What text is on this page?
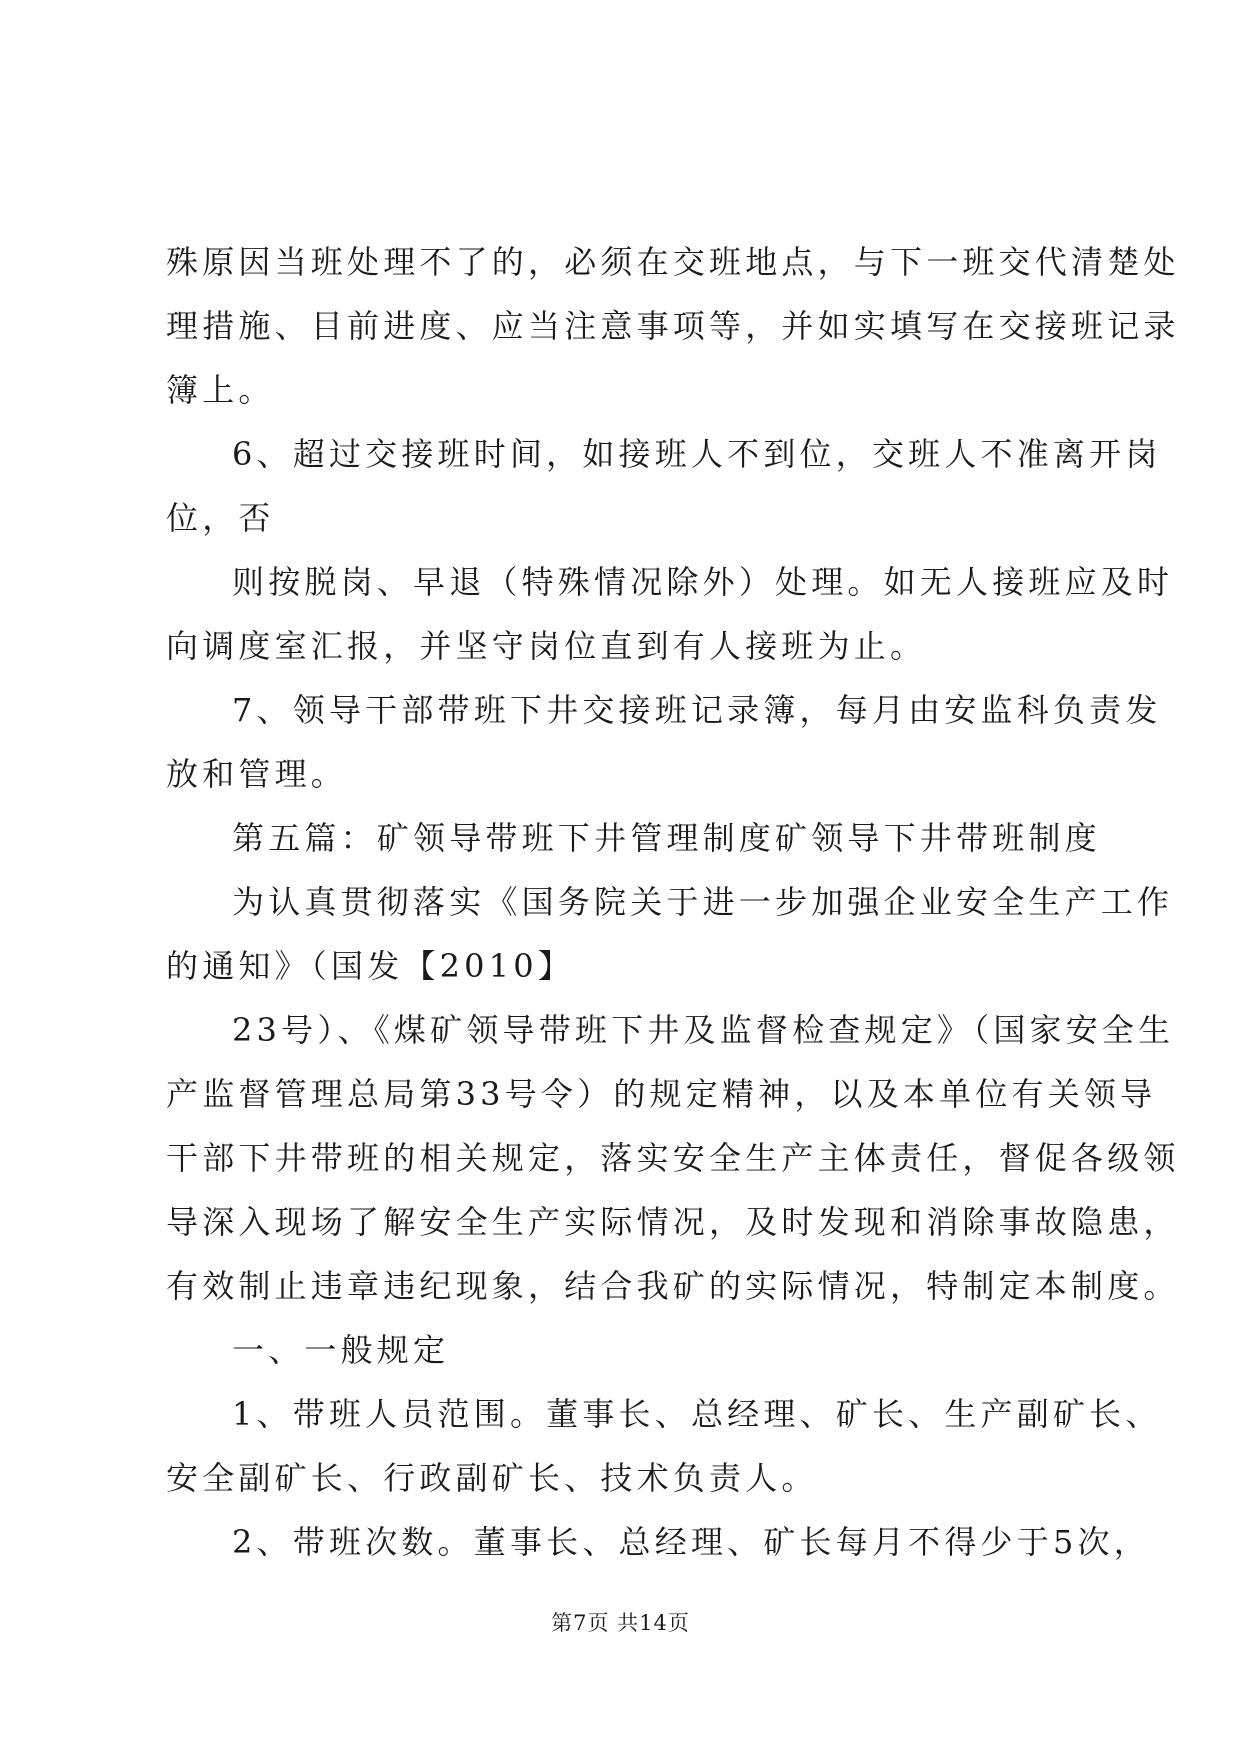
殊原因当班处理不了的，必须在交班地点，与下一班交代清楚处
理措施、目前进度、应当注意事项等，并如实填写在交接班记录
簿上。
6、超过交接班时间，如接班人不到位，交班人不准离开岗
位，否
则按脱岗、早退（特殊情况除外）处理。如无人接班应及时
向调度室汇报，并坚守岗位直到有人接班为止。
7、领导干部带班下井交接班记录簿，每月由安监科负责发
放和管理。
第五篇：矿领导带班下井管理制度矿领导下井带班制度
为认真贯彻落实《国务院关于进一步加强企业安全生产工作
的通知》（国发【2010】
23号）、《煤矿领导带班下井及监督检查规定》（国家安全生
产监督管理总局第33号令）的规定精神，以及本单位有关领导
干部下井带班的相关规定，落实安全生产主体责任，督促各级领
导深入现场了解安全生产实际情况，及时发现和消除事故隐患，
有效制止违章违纪现象，结合我矿的实际情况，特制定本制度。
一、一般规定
1、带班人员范围。董事长、总经理、矿长、生产副矿长、
安全副矿长、行政副矿长、技术负责人。
2、带班次数。董事长、总经理、矿长每月不得少于5次，
第7页 共14页
